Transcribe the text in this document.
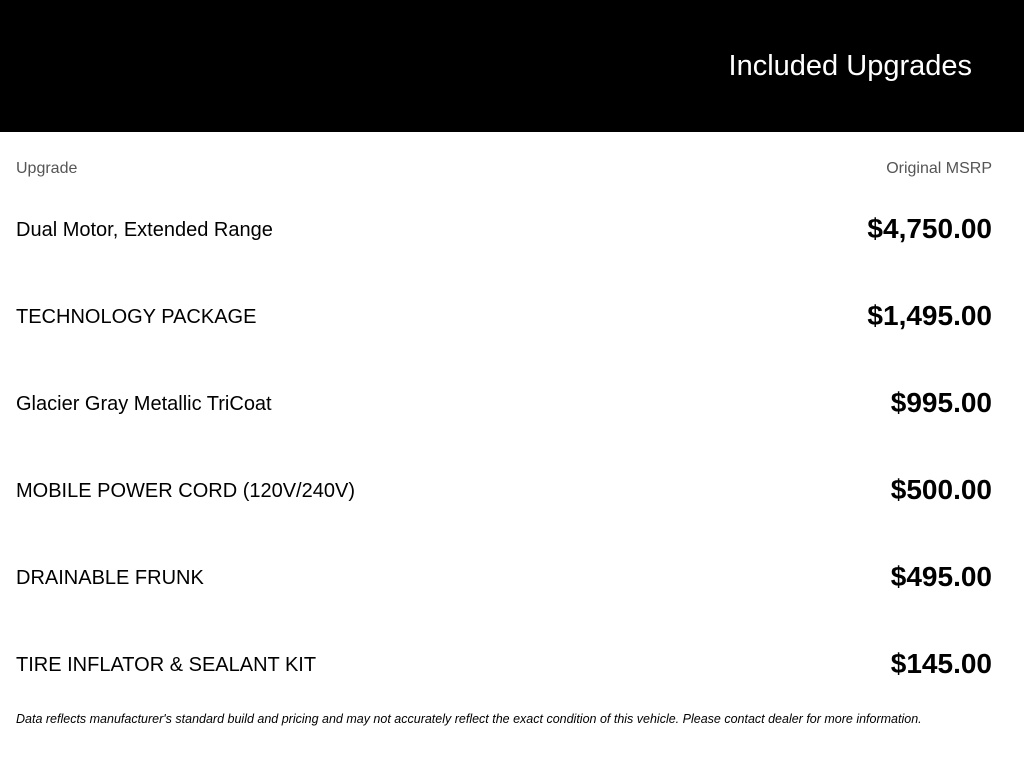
Included Upgrades
Upgrade	Original MSRP
Dual Motor, Extended Range	$4,750.00
TECHNOLOGY PACKAGE	$1,495.00
Glacier Gray Metallic TriCoat	$995.00
MOBILE POWER CORD (120V/240V)	$500.00
DRAINABLE FRUNK	$495.00
TIRE INFLATOR & SEALANT KIT	$145.00

Data reflects manufacturer's standard build and pricing and may not accurately reflect the exact condition of this vehicle. Please contact dealer for more information.
